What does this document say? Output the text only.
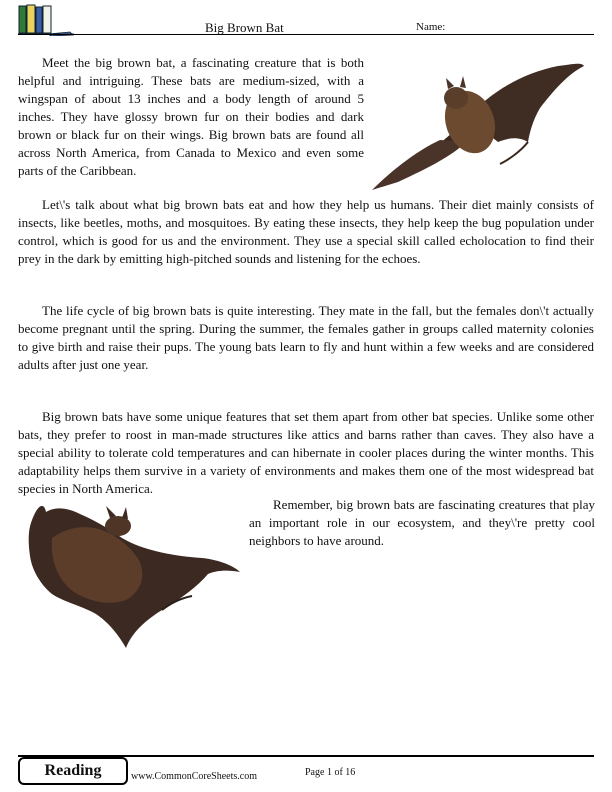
Big Brown Bat	Name:

Meet the big brown bat, a fascinating creature that is both helpful and intriguing. These bats are medium-sized, with a wingspan of about 13 inches and a body length of around 5 inches. They have glossy brown fur on their bodies and dark brown or black fur on their wings. Big brown bats are found all across North America, from Canada to Mexico and even some parts of the Caribbean.

Let\'s talk about what big brown bats eat and how they help us humans. Their diet mainly consists of insects, like beetles, moths, and mosquitoes. By eating these insects, they help keep the bug population under control, which is good for us and the environment. They use a special skill called echolocation to find their prey in the dark by emitting high-pitched sounds and listening for the echoes.

The life cycle of big brown bats is quite interesting. They mate in the fall, but the females don\'t actually become pregnant until the spring. During the summer, the females gather in groups called maternity colonies to give birth and raise their pups. The young bats learn to fly and hunt within a few weeks and are considered adults after just one year.

Big brown bats have some unique features that set them apart from other bat species. Unlike some other bats, they prefer to roost in man-made structures like attics and barns rather than caves. They also have a special ability to tolerate cold temperatures and can hibernate in cooler places during the winter months. This adaptability helps them survive in a variety of environments and makes them one of the most widespread bat species in North America.

Remember, big brown bats are fascinating creatures that play an important role in our ecosystem, and they\'re pretty cool neighbors to have around.

Reading	www.CommonCoreSheets.com	Page 1 of 16
